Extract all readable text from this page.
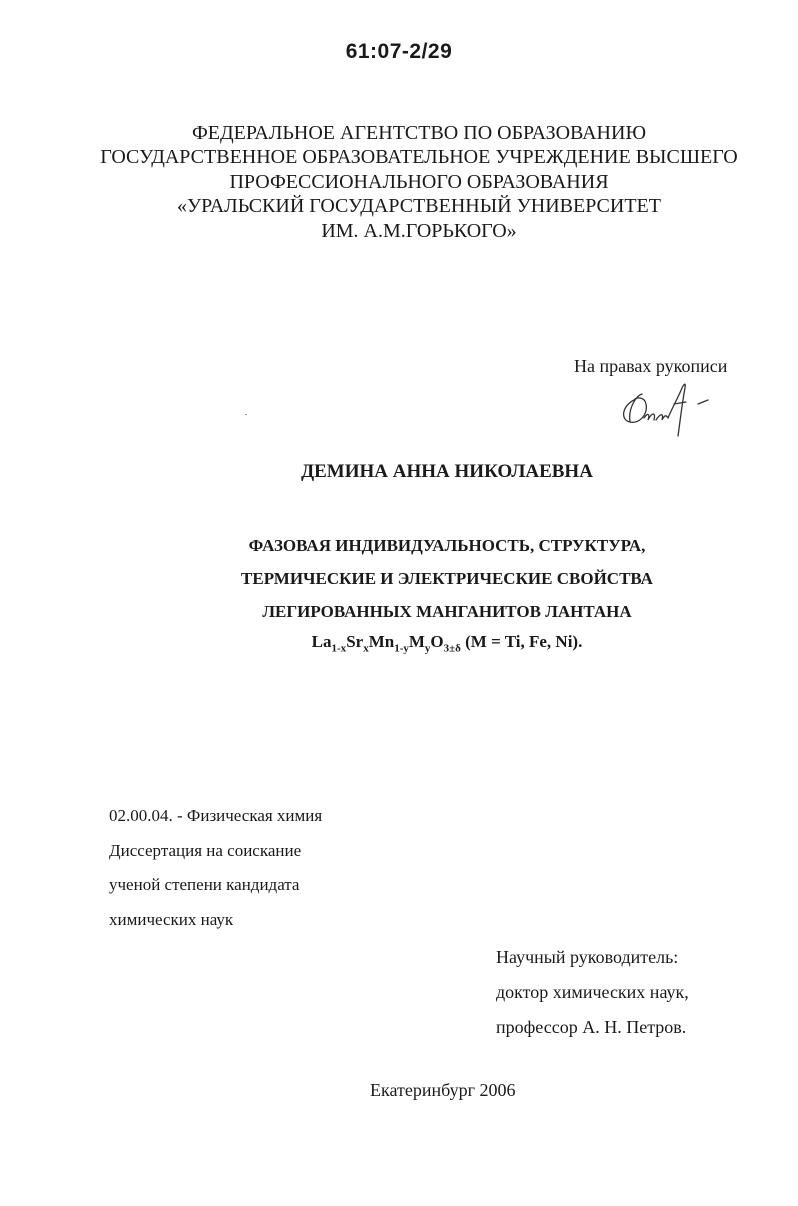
61:07-2/29
ФЕДЕРАЛЬНОЕ АГЕНТСТВО ПО ОБРАЗОВАНИЮ
ГОСУДАРСТВЕННОЕ ОБРАЗОВАТЕЛЬНОЕ УЧРЕЖДЕНИЕ ВЫСШЕГО
ПРОФЕССИОНАЛЬНОГО ОБРАЗОВАНИЯ
«УРАЛЬСКИЙ ГОСУДАРСТВЕННЫЙ УНИВЕРСИТЕТ
ИМ. А.М.ГОРЬКОГО»
На правах рукописи
ДЕМИНА АННА НИКОЛАЕВНА
ФАЗОВАЯ ИНДИВИДУАЛЬНОСТЬ, СТРУКТУРА,
ТЕРМИЧЕСКИЕ И ЭЛЕКТРИЧЕСКИЕ СВОЙСТВА
ЛЕГИРОВАННЫХ МАНГАНИТОВ ЛАНТАНА
$La_{1-x}Sr_xMn_{1-y}M_yO_{3\pm\delta}$ (M = Ti, Fe, Ni).
02.00.04. - Физическая химия
Диссертация на соискание
ученой степени кандидата
химических наук
Научный руководитель:
доктор химических наук,
профессор А. Н. Петров.
Екатеринбург 2006
